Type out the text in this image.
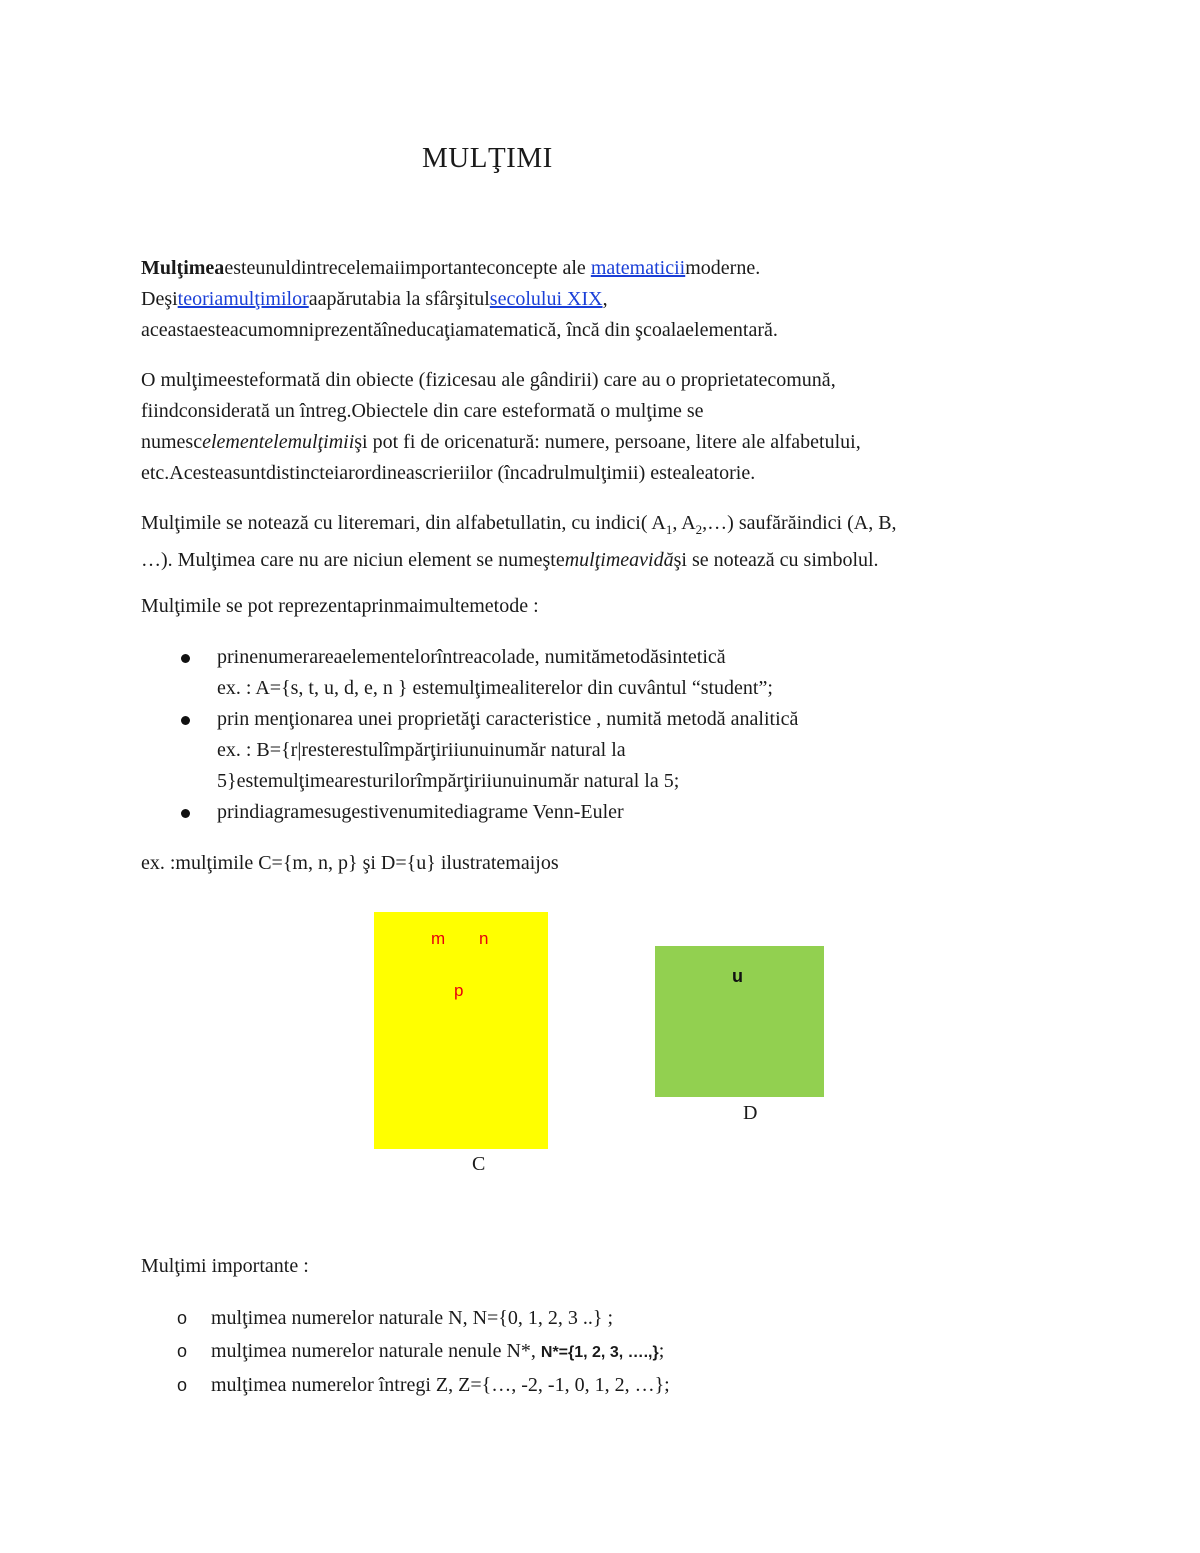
MULŢIMI

Mulţimeaesteunuldintrecelemaiimportanteconcepte ale matematiciimoderne.

Deşiteoriamulţimiloraapărutabia la sfârşitulsecolului XIX,

aceastaesteacumomniprezentăîneducaţiamatematică, încă din şcoalaelementară.

O mulţimeesteformată din obiecte (fizicesau ale gândirii) care au o proprietatecomună,

fiindconsiderată un întreg.Obiectele din care esteformată o mulţime se

numescelementelemulţimiişi pot fi de oricenatură: numere, persoane, litere ale alfabetului,

etc.Acesteasuntdistincteiarordineascrieriilor (încadrulmulţimii) estealeatorie.

Mulţimile se notează cu literemari, din alfabetullatin, cu indici( $A_1$, $A_2,\dots$) saufărăindici (A, B,

…). Mulţimea care nu are niciun element se numeştemulţimeavidăşi se notează cu simbolul.

Mulţimile se pot reprezentaprinmaimultemetode :
prinenumerareaelementelorîntreacolade, numitămetodăsintetică
ex. : A={s, t, u, d, e, n } estemulţimealiterelor din cuvântul “student”;
prin menţionarea unei proprietăţi caracteristice , numită metodă analitică
ex. : B={r|resterestulîmpărţiriiunuinumăr natural la
5}estemulţimearesturilorîmpărţiriiunuinumăr natural la 5;
prindiagramesugestivenumitediagrame Venn-Euler
ex. :mulţimile C={m, n, p} şi D={u} ilustratemaijos
m n
p
C
u
D
Mulţimi importante :
o mulţimea numerelor naturale N, N={0, 1, 2, 3 ..} ;
o mulţimea numerelor naturale nenule N*, N*={1, 2, 3, ….,};
o mulţimea numerelor întregi Z, Z={…, -2, -1, 0, 1, 2, …};
